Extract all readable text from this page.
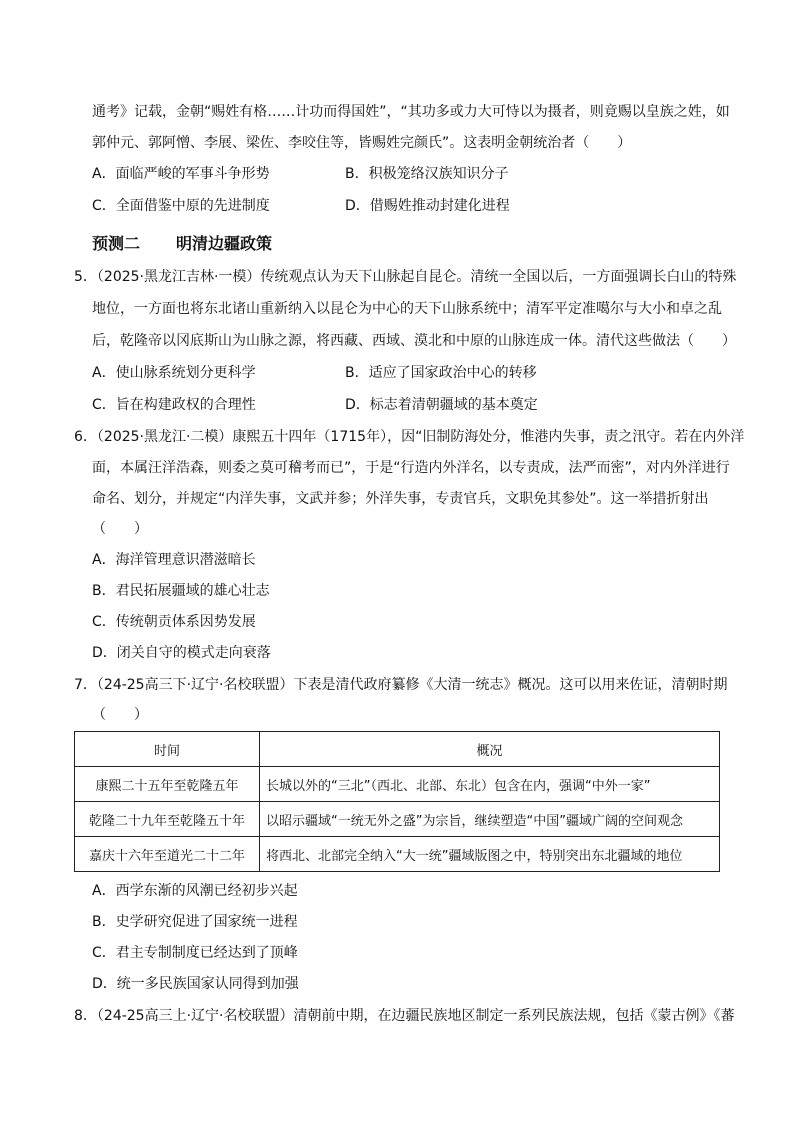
通考》记载，金朝“赐姓有格……计功而得国姓”，“其功多或力大可恃以为摄者，则竟赐以皇族之姓，如
郭仲元、郭阿憎、李展、梁佐、李咬住等，皆赐姓完颜氏”。这表明金朝统治者（　　）
A．面临严峻的军事斗争形势	B．积极笼络汉族知识分子
C．全面借鉴中原的先进制度	D．借赐姓推动封建化进程
预测二 明清边疆政策
5．（2025·黑龙江吉林·一模）传统观点认为天下山脉起自昆仑。清统一全国以后，一方面强调长白山的特殊
地位，一方面也将东北诸山重新纳入以昆仑为中心的天下山脉系统中；清军平定准噶尔与大小和卓之乱
后，乾隆帝以冈底斯山为山脉之源，将西藏、西域、漠北和中原的山脉连成一体。清代这些做法（　　）
A．使山脉系统划分更科学	B．适应了国家政治中心的转移
C．旨在构建政权的合理性	D．标志着清朝疆域的基本奠定
6．（2025·黑龙江·二模）康熙五十四年（1715年），因“旧制防海处分，惟港内失事，责之汛守。若在内外洋
面，本属汪洋浩森，则委之莫可稽考而已”，于是“行造内外洋名，以专责成，法严而密”，对内外洋进行
命名、划分，并规定“内洋失事，文武并参；外洋失事，专责官兵，文职免其参处”。这一举措折射出
（　　）
A．海洋管理意识潜滋暗长
B．君民拓展疆域的雄心壮志
C．传统朝贡体系因势发展
D．闭关自守的模式走向衰落
7．（24-25高三下·辽宁·名校联盟）下表是清代政府纂修《大清一统志》概况。这可以用来佐证，清朝时期
（　　）
时间	概况
康熙二十五年至乾隆五年	长城以外的“三北”（西北、北部、东北）包含在内，强调“中外一家”
乾隆二十九年至乾隆五十年	以昭示疆域“一统无外之盛”为宗旨，继续塑造“中国”疆域广阔的空间观念
嘉庆十六年至道光二十二年	将西北、北部完全纳入“大一统”疆域版图之中，特别突出东北疆域的地位
A．西学东渐的风潮已经初步兴起
B．史学研究促进了国家统一进程
C．君主专制制度已经达到了顶峰
D．统一多民族国家认同得到加强
8．（24-25高三上·辽宁·名校联盟）清朝前中期，在边疆民族地区制定一系列民族法规，包括《蒙古例》《蕃
